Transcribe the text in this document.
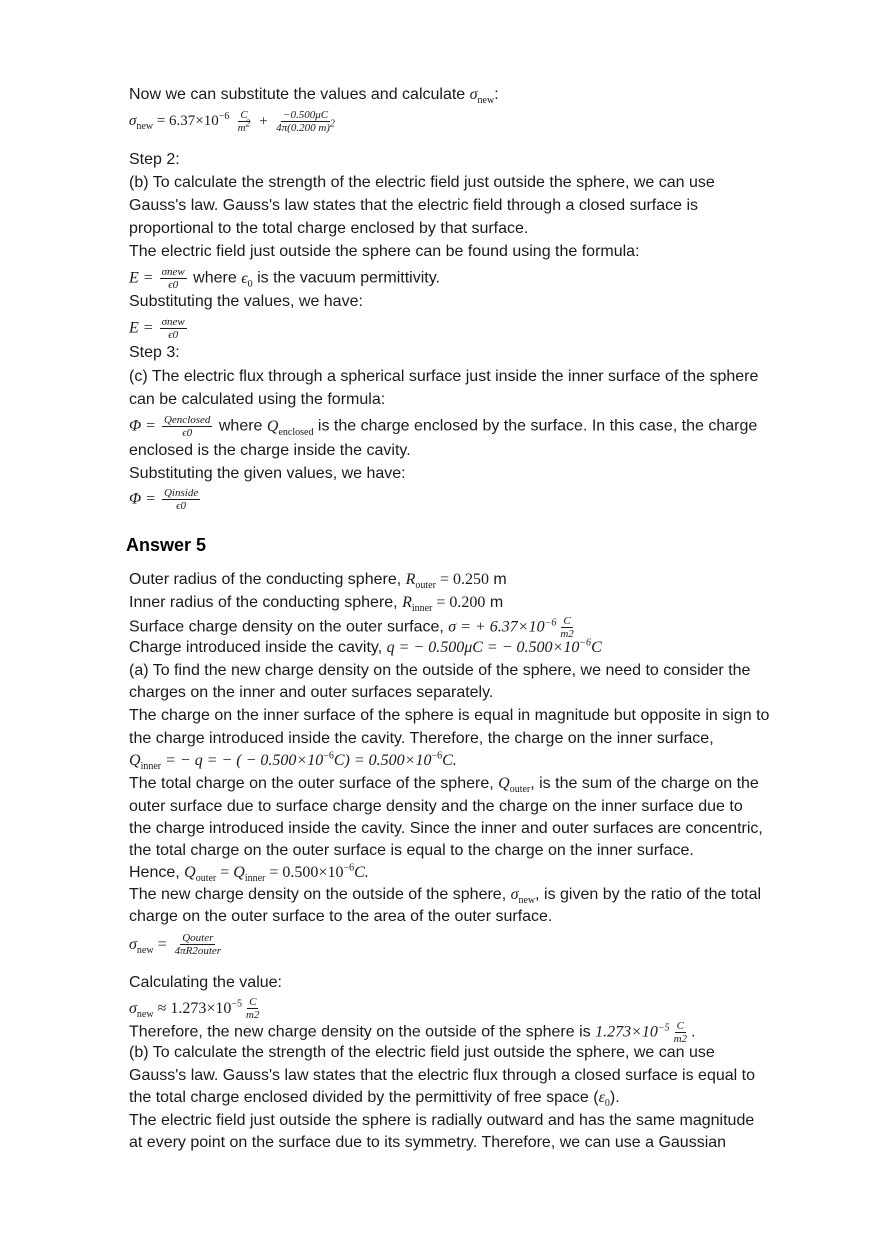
Now we can substitute the values and calculate $\sigma_{new}$:
$\sigma_{new} = 6.37\times 10^{-6} \frac{C}{m^2} + \frac{-0.500\mu C}{4\pi(0.200 m)^2}$
Step 2:
(b) To calculate the strength of the electric field just outside the sphere, we can use
Gauss's law. Gauss's law states that the electric field through a closed surface is
proportional to the total charge enclosed by that surface.
The electric field just outside the sphere can be found using the formula:
$E = \frac{\text{σnew}}{\epsilon 0}$ where $\epsilon_0$ is the vacuum permittivity.
Substituting the values, we have:
$E = \frac{\text{σnew}}{\epsilon 0}$
Step 3:
(c) The electric flux through a spherical surface just inside the inner surface of the sphere
can be calculated using the formula:
$\Phi = \frac{\text{Qenclosed}}{\epsilon 0}$ where $Q_{enclosed}$ is the charge enclosed by the surface. In this case, the charge
enclosed is the charge inside the cavity.
Substituting the given values, we have:
$\Phi = \frac{\text{Qinside}}{\epsilon 0}$
Answer 5
Outer radius of the conducting sphere, $R_{outer} = 0.250$ m
Inner radius of the conducting sphere, $R_{inner} = 0.200$ m
Surface charge density on the outer surface, σ = + $6.37\times 10^{-6} \frac{C}{m2}$
Charge introduced inside the cavity, q = − 0.500μC = − $0.500\times 10^{-6}C$
(a) To find the new charge density on the outside of the sphere, we need to consider the
charges on the inner and outer surfaces separately.
The charge on the inner surface of the sphere is equal in magnitude but opposite in sign to
the charge introduced inside the cavity. Therefore, the charge on the inner surface,
$Q_{inner}$ = − q = − ( − $0.500\times 10^{-6}C) = 0.500\times 10^{-6}C$.
The total charge on the outer surface of the sphere, $Q_{outer}$, is the sum of the charge on the
outer surface due to surface charge density and the charge on the inner surface due to
the charge introduced inside the cavity. Since the inner and outer surfaces are concentric,
the total charge on the outer surface is equal to the charge on the inner surface.
Hence, $Q_{outer} = Q_{inner} = 0.500\times 10^{-6}C$.
The new charge density on the outside of the sphere, $\sigma_{new}$, is given by the ratio of the total
charge on the outer surface to the area of the outer surface.
$\sigma_{new} = \frac{\text{Qouter}}{\text{4πR2outer}}$
Calculating the value:
$\sigma_{new} \approx 1.273\times 10^{-5} \frac{C}{m2}$
Therefore, the new charge density on the outside of the sphere is $1.273\times 10^{-5} \frac{C}{m2}$ .
(b) To calculate the strength of the electric field just outside the sphere, we can use
Gauss's law. Gauss's law states that the electric flux through a closed surface is equal to
the total charge enclosed divided by the permittivity of free space $(\varepsilon_0)$.
The electric field just outside the sphere is radially outward and has the same magnitude
at every point on the surface due to its symmetry. Therefore, we can use a Gaussian
